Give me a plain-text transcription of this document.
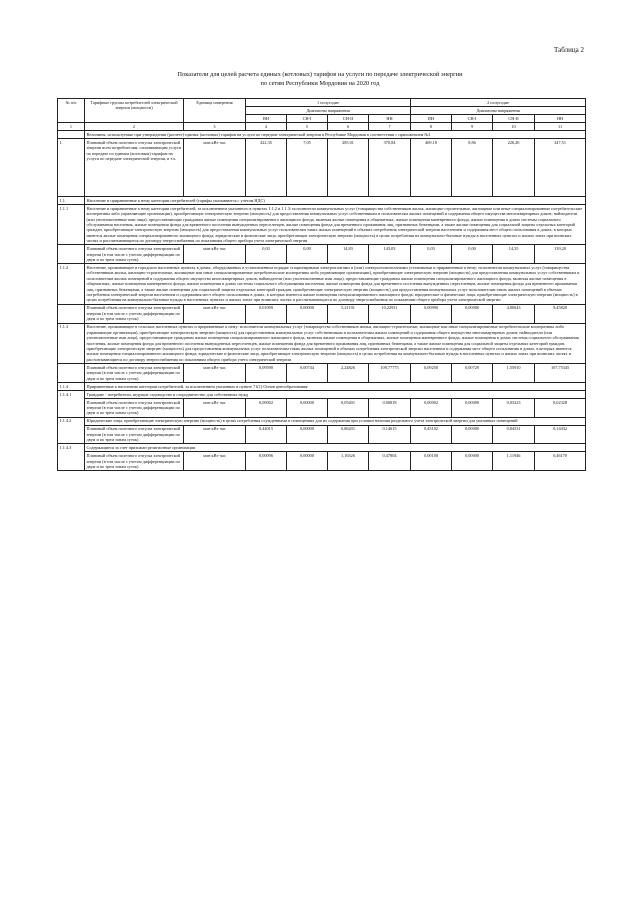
Таблица 2
Показатели для целей расчета единых (котловых) тарифов на услуги по передаче электрической энергии
по сетям Республики Мордовия на 2020 год
№ п/п	Тарифные группы потребителей электрической энергии (мощности)	Единица измерения	1 полугодие				2 полугодие			
			Диапазоны напряжения				Диапазоны напряжения			
			ВН	СН-I	СН-II	НН	ВН	СН-I	СН-II	НН
1	2	3	4	5	6	7	8	9	10	11
	Величины, используемые при утверждении (расчете) единых (котловых) тарифов на услуги по передаче электрической энергии в Республике Мордовия в соответствии с приложением №1									
1.	Плановый объем полезного отпуска электрической энергии всем потребителям, оплачивающим услуги по передаче по единым (котловым) тарифам на услуги по передаче электрической энергии, в т.ч.	млн.кВт·час	422,35	7,05	285,01	370,84	469,18	8,86	226,20	347,51
1.1.	Население и приравненные к нему категории потребителей (тарифы указываются с учетом НДС)									
1.1.1	Население и приравненные к нему категории потребителей, за исключением указанного в пунктах 1.1.2 и 1.1.3: исполнители коммунальных услуг (товарищества собственников жилья, жилищно-строительные, жилищные или иные специализированные потребительские кооперативы либо управляющие организации), приобретающие электрическую энергию (мощность) для предоставления коммунальных услуг собственникам и пользователям жилых помещений и содержания общего имущества многоквартирных домов; наймодатели (или уполномоченные ими лица), предоставляющие гражданам жилые помещения специализированного жилищного фонда, включая жилые помещения в общежитиях, жилые помещения маневренного фонда, жилые помещения в домах системы социального обслуживания населения, жилые помещения фонда для временного поселения вынужденных переселенцев, жилые помещения фонда для временного проживания лиц, признанных беженцами, а также жилые помещения для социальной защиты отдельных категорий граждан, приобретающие электрическую энергию (мощность) для предоставления коммунальных услуг пользователям таких жилых помещений в объемах потребления электрической энергии населением и содержания мест общего пользования в домах, в которых имеются жилые помещения специализированного жилищного фонда; юридические и физические лица, приобретающие электрическую энергию (мощность) в целях потребления на коммунально-бытовые нужды в населенных пунктах и жилых зонах при воинских частях и рассчитывающиеся по договору энергоснабжения по показаниям общего прибора учета электрической энергии									
	Плановый объем полезного отпуска электрической энергии (в том числе с учетом дифференциации по двум и по трем зонам суток)	млн кВт·час	0,03	0,00	14,83	143,03	0,03	0,00	14,35	139,20
1.1.2	Население, проживающее в городских населенных пунктах в домах, оборудованных в установленном порядке стационарными электроплитами и (или) электроотопительными установками и приравненные к нему: исполнители коммунальных услуг (товарищества собственников жилья, жилищно-строительные, жилищные или иные специализированные потребительские кооперативы либо управляющие организации), приобретающие электрическую энергию (мощность) для предоставления коммунальных услуг собственникам и пользователям жилых помещений и содержания общего имущества многоквартирных домов; наймодатели (или уполномоченные ими лица), предоставляющие гражданам жилые помещения специализированного жилищного фонда, включая жилые помещения в общежитиях, жилые помещения маневренного фонда, жилые помещения в домах системы социального обслуживания населения, жилые помещения фонда для временного поселения вынужденных переселенцев, жилые помещения фонда для временного проживания лиц, признанных беженцами, а также жилые помещения для социальной защиты отдельных категорий граждан, приобретающие электрическую энергию (мощность) для предоставления коммунальных услуг пользователям таких жилых помещений в объемах потребления электрической энергии населением и содержания мест общего пользования в домах, в которых имеются жилые помещения специализированного жилищного фонда; юридические и физические лица, приобретающие электрическую энергию (мощность) в целях потребления на коммунально-бытовые нужды в населенных пунктах и жилых зонах при воинских частях и рассчитывающиеся по договору энергоснабжения по показаниям общего прибора учета электрической энергии									
	Плановый объем полезного отпуска электрической энергии (в том числе с учетом дифференциации по двум и по трем зонам суток)	млн кВт·час	0,01009	0,00000	5,21191	10,22931	0,00990	0,00000	4,80643	9,45820
1.1.3	Население, проживающее в сельских населенных пунктах и приравненные к нему: исполнители коммунальных услуг (товарищества собственников жилья, жилищно-строительные, жилищные или иные специализированные потребительские кооперативы либо управляющие организации), приобретающие электрическую энергию (мощность) для предоставления коммунальных услуг собственникам и пользователям жилых помещений и содержания общего имущества многоквартирных домов; наймодатели (или уполномоченные ими лица), предоставляющие гражданам жилые помещения специализированного жилищного фонда, включая жилые помещения в общежитиях, жилые помещения маневренного фонда, жилые помещения в домах системы социального обслуживания населения, жилые помещения фонда для временного поселения вынужденных переселенцев, жилые помещения фонда для временного проживания лиц, признанных беженцами, а также жилые помещения для социальной защиты отдельных категорий граждан, приобретающие электрическую энергию (мощность) для предоставления коммунальных услуг пользователям таких жилых помещений в объемах потребления электрической энергии населением и содержания мест общего пользования в домах, в которых имеются жилые помещения специализированного жилищного фонда; юридические и физические лица, приобретающие электрическую энергию (мощность) в целях потребления на коммунально-бытовые нужды в населенных пунктах и жилых зонах при воинских частях и рассчитывающиеся по договору энергоснабжения по показаниям общего прибора учета электрической энергии									
	Плановый объем полезного отпуска электрической энергии (в том числе с учетом дифференциации по двум и по трем зонам суток)	млн кВт·час	0,09590	0,00744	2,24826	109,77775	0,09250	0,00729	1,55910	107,75345
1.1.4	Приравненные к населению категории потребителей, за исключением указанных в пункте 71(1) Основ ценообразования:									
1.1.4.1	Граждане - потребители, ведущие садоводство и огородничество для собственных нужд									
	Плановый объем полезного отпуска электрической энергии (в том числе с учетом дифференциации по двум и по трем зонам суток)	млн кВт·час	0,00002	0,00000	0,05401	0,00818	0,00002	0,00000	0,03223	0,02328
1.1.4.2	Юридические лица, приобретающие электрическую энергию (мощность) в целях потребления осужденными в помещениях для их содержания при условии наличия раздельного учета электрической энергии для указанных помещений									
	Плановый объем полезного отпуска электрической энергии (в том числе с учетом дифференциации по двум и по трем зонам суток)	млн кВт·час	0,44015	0,00000	0,86201	0,14615	0,45102	0,00000	0,84531	0,14432
1.1.4.3	Содержащиеся за счет прихожан религиозные организации									
	Плановый объем полезного отпуска электрической энергии (в том числе с учетом дифференциации по двум и по трем зонам суток)	млн кВт·час	0,00096	0,00000	1,16526	0,47804	0,00100	0,00000	1,11946	0,46170
